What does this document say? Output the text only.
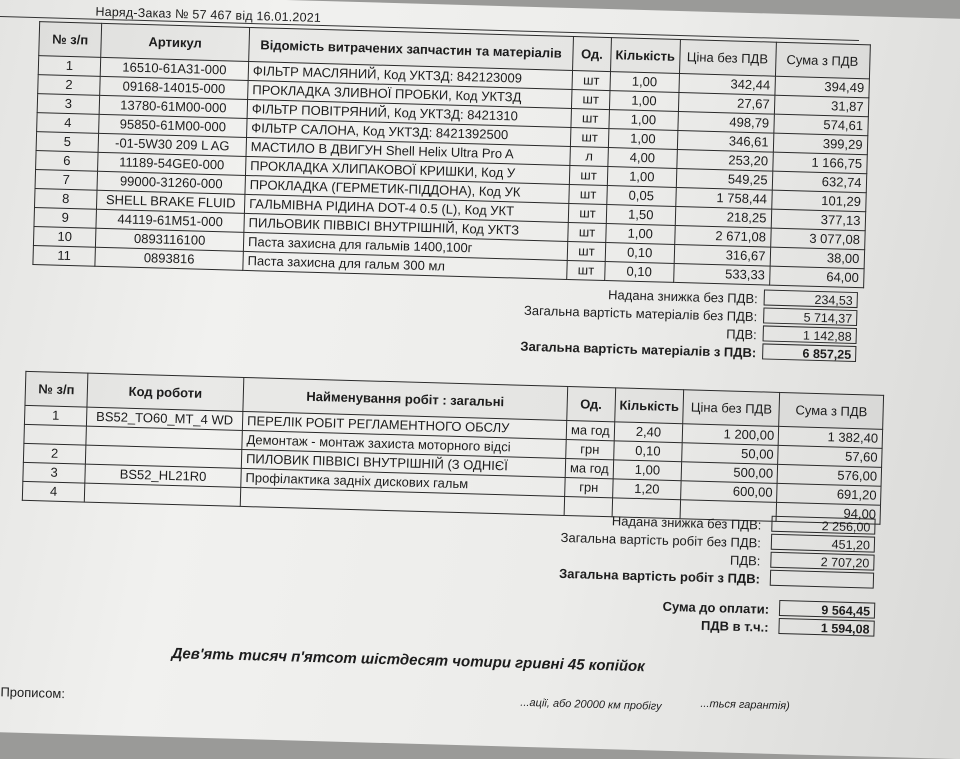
Наряд-Заказ № 57 467 від 16.01.2021
№ з/п	Артикул	Відомість витрачених запчастин та матеріалів	Од.	Кількість	Ціна без ПДВ	Сума з ПДВ
1	16510-61A31-000	ФІЛЬТР МАСЛЯНИЙ, Код УКТЗД: 842123009	шт	1,00	342,44	394,49
2	09168-14015-000	ПРОКЛАДКА ЗЛИВНОЇ ПРОБКИ, Код УКТЗД	шт	1,00	27,67	31,87
3	13780-61M00-000	ФІЛЬТР ПОВІТРЯНИЙ, Код УКТЗД: 8421310	шт	1,00	498,79	574,61
4	95850-61M00-000	ФІЛЬТР САЛОНА, Код УКТЗД: 8421392500	шт	1,00	346,61	399,29
5	-01-5W30 209 L AG	МАСТИЛО В ДВИГУН Shell Helix Ultra Pro A	л	4,00	253,20	1 166,75
6	11189-54GE0-000	ПРОКЛАДКА ХЛИПАКОВОЇ КРИШКИ, Код У	шт	1,00	549,25	632,74
7	99000-31260-000	ПРОКЛАДКА (ГЕРМЕТИК-ПІДДОНА), Код УК	шт	0,05	1 758,44	101,29
8	SHELL BRAKE FLUID	ГАЛЬМІВНА РІДИНА DOT-4 0.5 (L), Код УКТ	шт	1,50	218,25	377,13
9	44119-61M51-000	ПИЛЬОВИК ПІВВІСІ ВНУТРІШНІЙ, Код УКТЗ	шт	1,00	2 671,08	3 077,08
10	0893116100	Паста захисна для гальмів 1400,100г	шт	0,10	316,67	38,00
11	0893816	Паста захисна для гальм 300 мл	шт	0,10	533,33	64,00
Надана знижка без ПДВ:	234,53
Загальна вартість матеріалів без ПДВ:	5 714,37
ПДВ:	1 142,88
Загальна вартість матеріалів з ПДВ:	6 857,25
№ з/п	Код роботи	Найменування робіт : загальні	Од.	Кількість	Ціна без ПДВ	Сума з ПДВ
1	BS52_TO60_MT_4 WD	ПЕРЕЛІК РОБІТ РЕГЛАМЕНТНОГО ОБСЛУ	ма год	2,40	1 200,00	1 382,40
		Демонтаж - монтаж захиста моторного відсі	грн	0,10	50,00	57,60
2		ПИЛОВИК ПІВВІСІ ВНУТРІШНІЙ (З ОДНІЄЇ	ма год	1,00	500,00	576,00
3	BS52_HL21R0	Профілактика задніх дискових гальм	грн	1,20	600,00	691,20
4						94,00
Надана знижка без ПДВ:	2 256,00
Загальна вартість робіт без ПДВ:	451,20
ПДВ:	2 707,20
Загальна вартість робіт з ПДВ:
Сума до оплати:	9 564,45
ПДВ в т.ч.:	1 594,08
Дев'ять тисяч п'ятсот шістдесят чотири гривні 45 копійок
Прописом:
...ації, або 20000 км пробігу	...ться гарантія)
